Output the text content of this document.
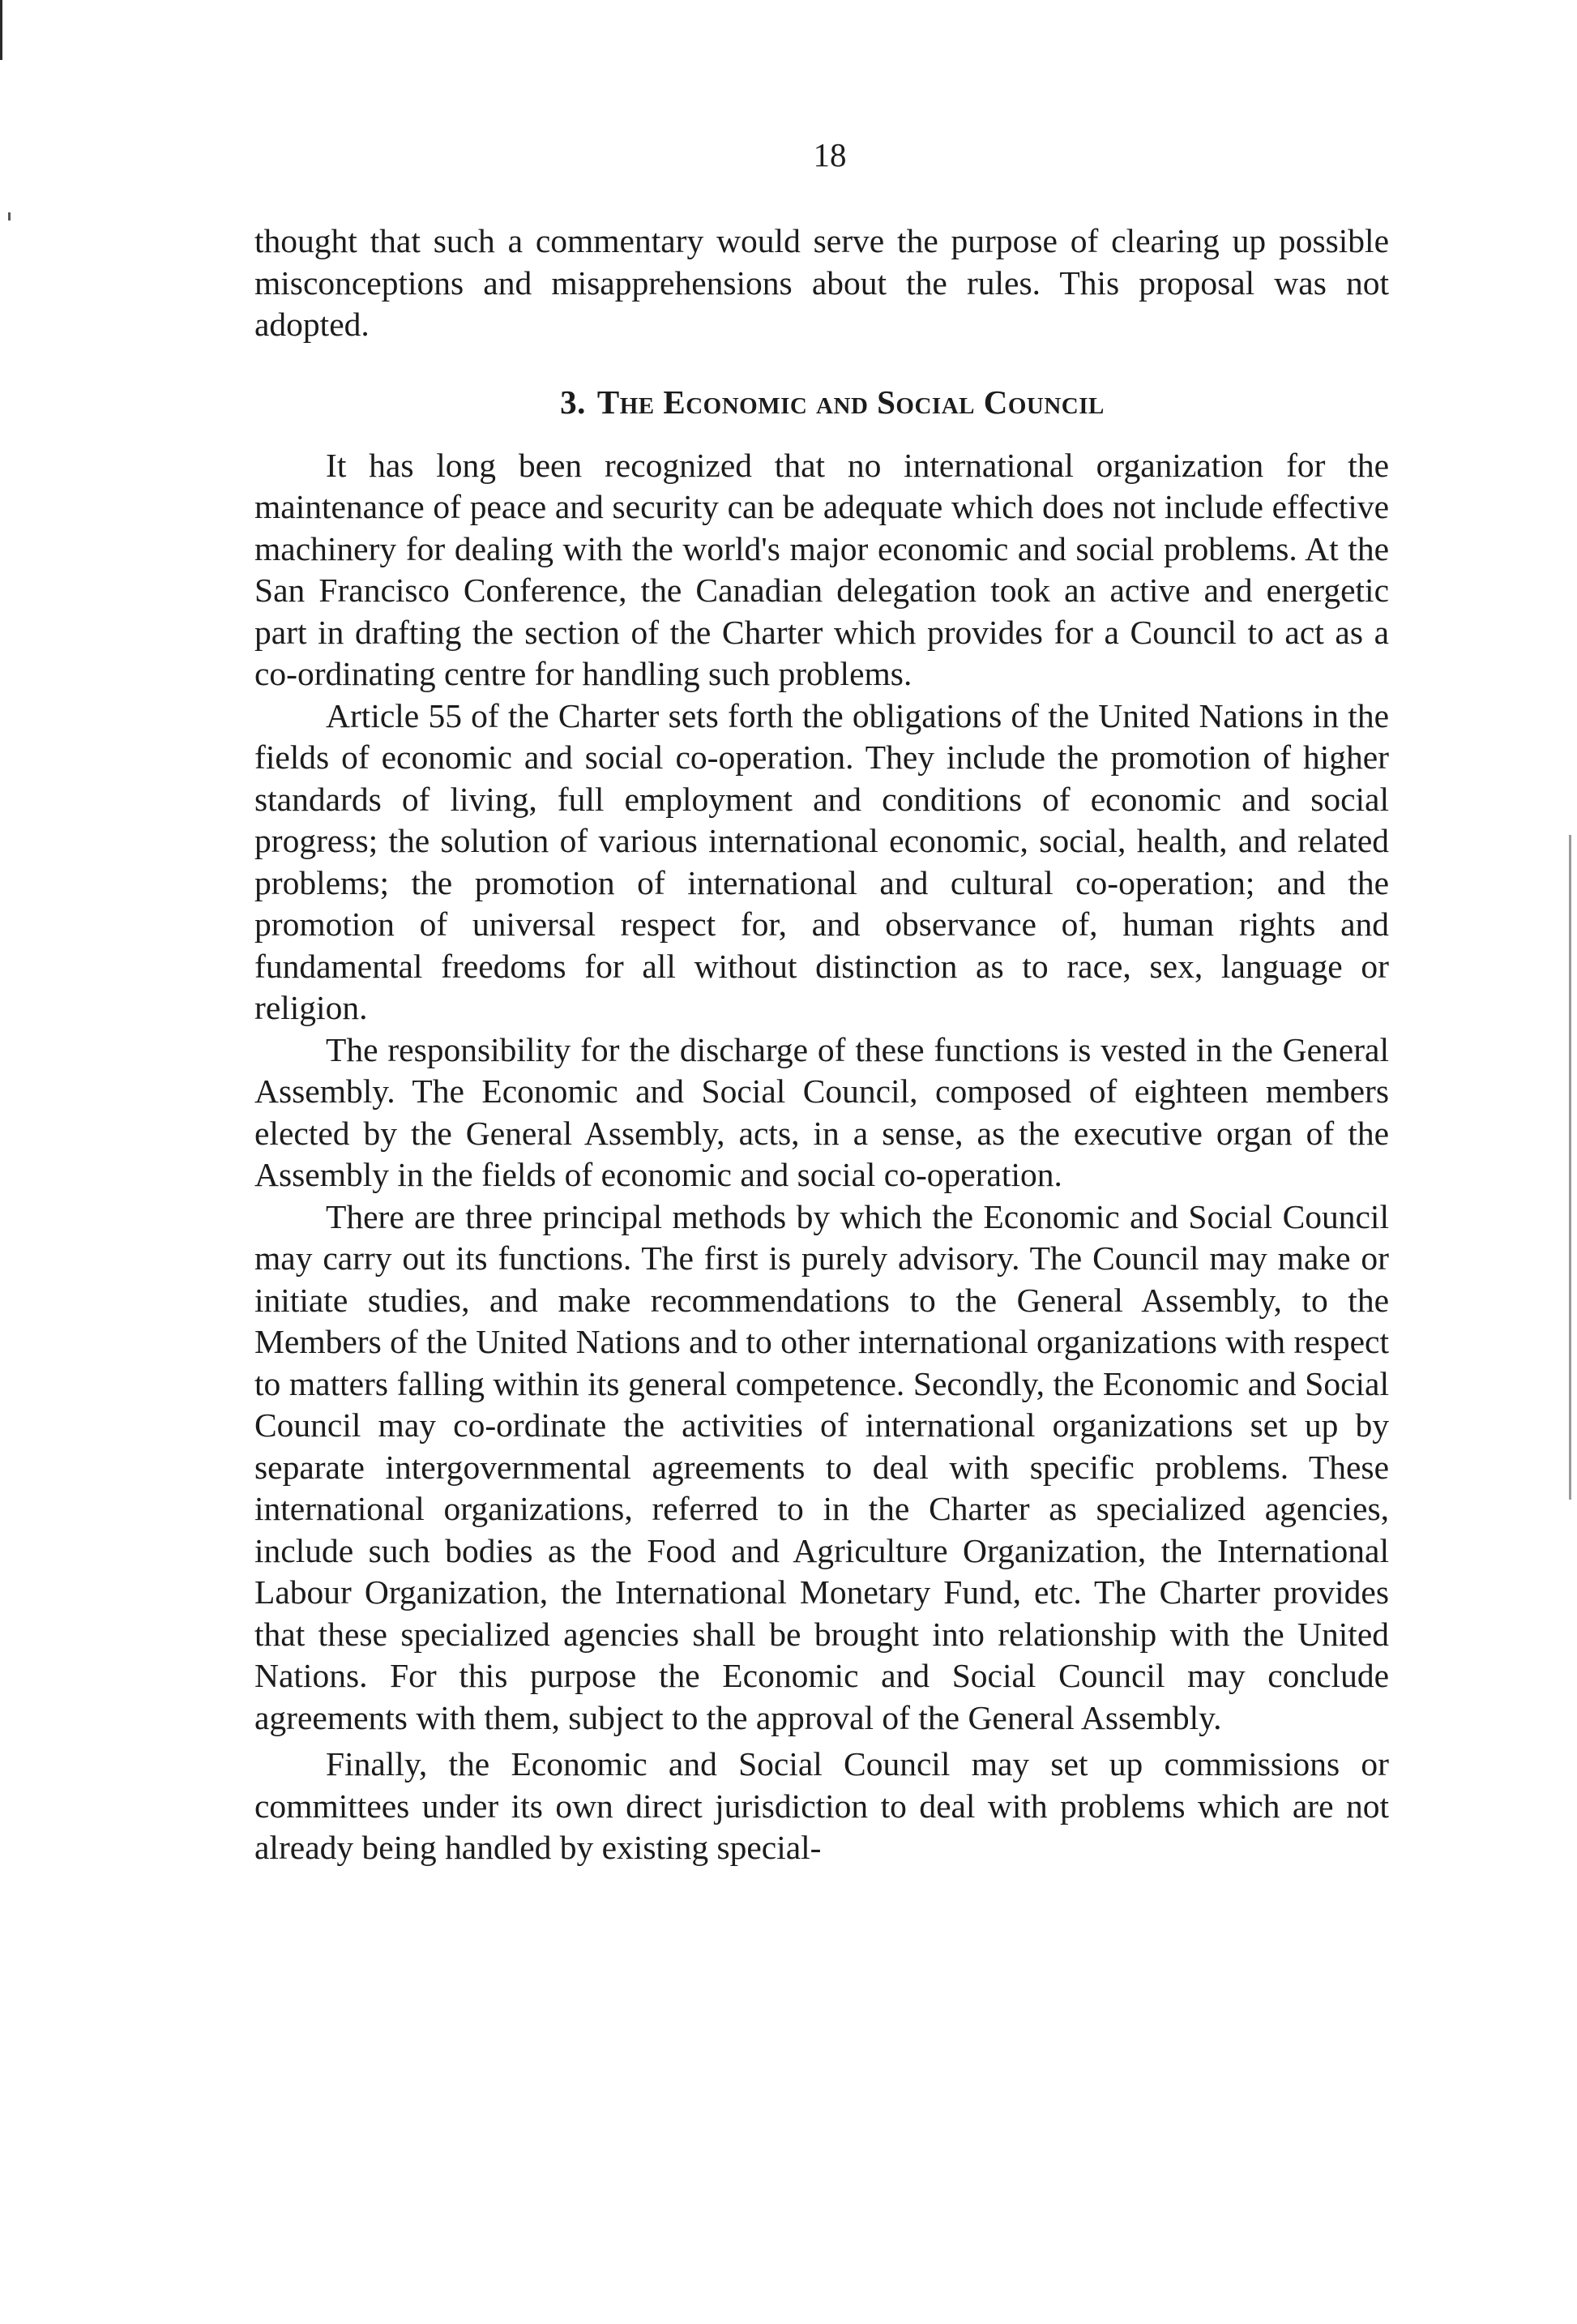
18

thought that such a commentary would serve the purpose of clearing up possible misconceptions and misapprehensions about the rules. This proposal was not adopted.

3. The Economic and Social Council

It has long been recognized that no international organization for the maintenance of peace and security can be adequate which does not include effective machinery for dealing with the world's major economic and social problems. At the San Francisco Conference, the Canadian delegation took an active and energetic part in drafting the section of the Charter which provides for a Council to act as a co-ordinating centre for handling such problems.

Article 55 of the Charter sets forth the obligations of the United Nations in the fields of economic and social co-operation. They include the promotion of higher standards of living, full employment and conditions of economic and social progress; the solution of various international economic, social, health, and related problems; the promotion of international and cultural co-operation; and the promotion of universal respect for, and observance of, human rights and fundamental freedoms for all without distinction as to race, sex, language or religion.

The responsibility for the discharge of these functions is vested in the General Assembly. The Economic and Social Council, composed of eighteen members elected by the General Assembly, acts, in a sense, as the executive organ of the Assembly in the fields of economic and social co-operation.

There are three principal methods by which the Economic and Social Council may carry out its functions. The first is purely advisory. The Council may make or initiate studies, and make recommendations to the General Assembly, to the Members of the United Nations and to other international organizations with respect to matters falling within its general competence. Secondly, the Economic and Social Council may co-ordinate the activities of international organizations set up by separate intergovernmental agreements to deal with specific problems. These international organizations, referred to in the Charter as specialized agencies, include such bodies as the Food and Agriculture Organization, the International Labour Organization, the International Monetary Fund, etc. The Charter provides that these specialized agencies shall be brought into relationship with the United Nations. For this purpose the Economic and Social Council may conclude agreements with them, subject to the approval of the General Assembly.

Finally, the Economic and Social Council may set up commissions or committees under its own direct jurisdiction to deal with problems which are not already being handled by existing special-
